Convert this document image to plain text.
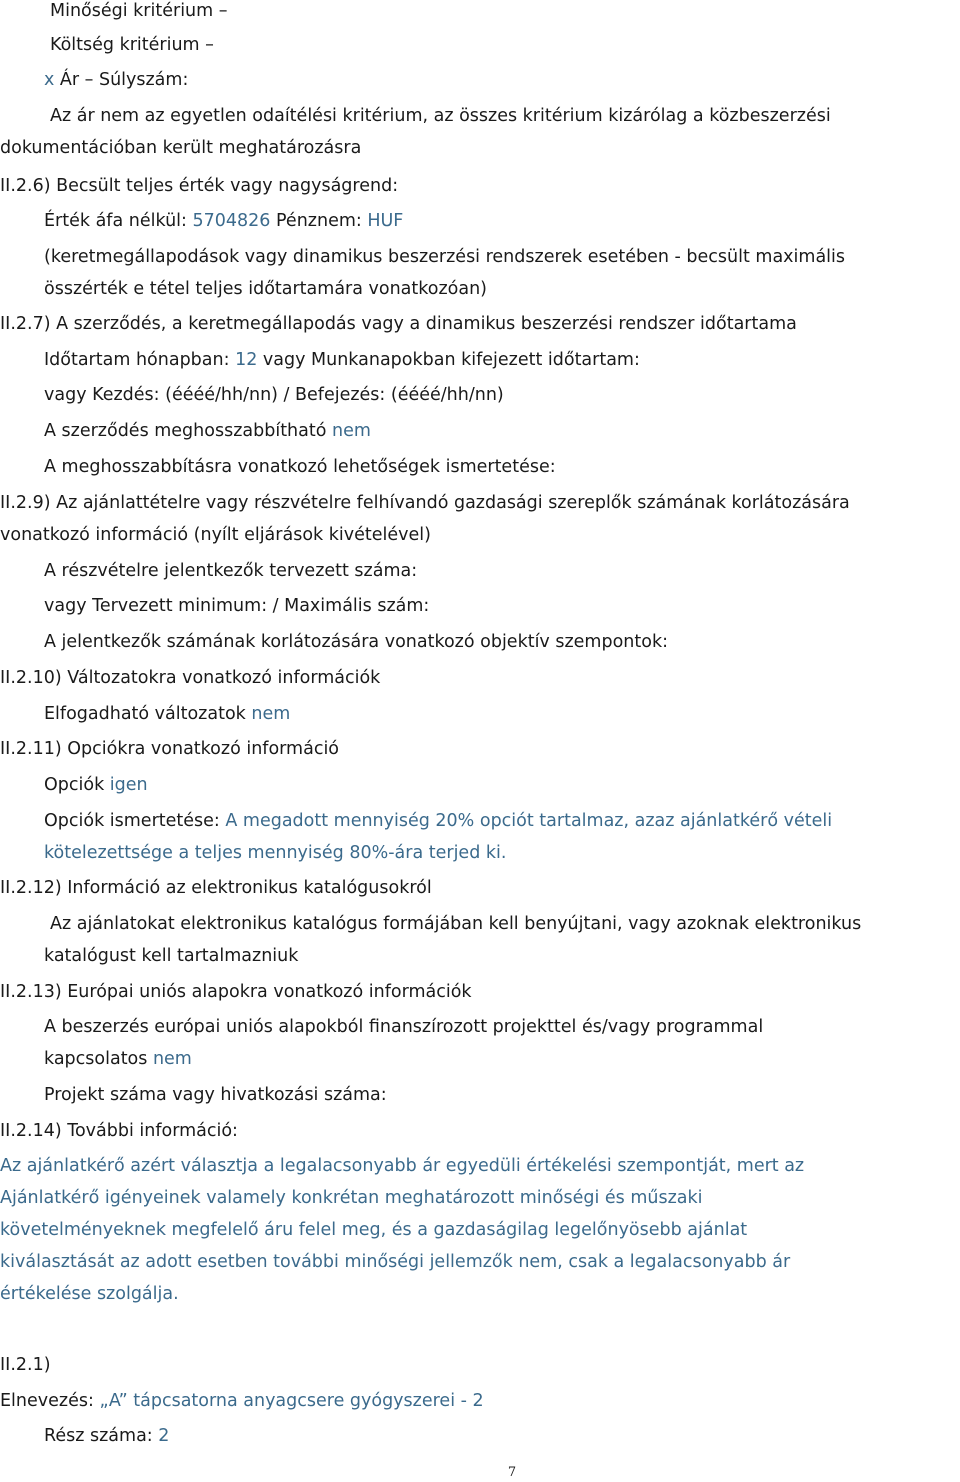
Minőségi kritérium –
Költség kritérium –
x Ár – Súlyszám:
Az ár nem az egyetlen odaítélési kritérium, az összes kritérium kizárólag a közbeszerzési
dokumentációban került meghatározásra
II.2.6) Becsült teljes érték vagy nagyságrend:
Érték áfa nélkül: 5704826 Pénznem: HUF
(keretmegállapodások vagy dinamikus beszerzési rendszerek esetében - becsült maximális
összérték e tétel teljes időtartamára vonatkozóan)
II.2.7) A szerződés, a keretmegállapodás vagy a dinamikus beszerzési rendszer időtartama
Időtartam hónapban: 12 vagy Munkanapokban kifejezett időtartam:
vagy Kezdés: (éééé/hh/nn) / Befejezés: (éééé/hh/nn)
A szerződés meghosszabbítható nem
A meghosszabbításra vonatkozó lehetőségek ismertetése:
II.2.9) Az ajánlattételre vagy részvételre felhívandó gazdasági szereplők számának korlátozására
vonatkozó információ (nyílt eljárások kivételével)
A részvételre jelentkezők tervezett száma:
vagy Tervezett minimum: / Maximális szám:
A jelentkezők számának korlátozására vonatkozó objektív szempontok:
II.2.10) Változatokra vonatkozó információk
Elfogadható változatok nem
II.2.11) Opciókra vonatkozó információ
Opciók igen
Opciók ismertetése: A megadott mennyiség 20% opciót tartalmaz, azaz ajánlatkérő vételi
kötelezettsége a teljes mennyiség 80%-ára terjed ki.
II.2.12) Információ az elektronikus katalógusokról
Az ajánlatokat elektronikus katalógus formájában kell benyújtani, vagy azoknak elektronikus
katalógust kell tartalmazniuk
II.2.13) Európai uniós alapokra vonatkozó információk
A beszerzés európai uniós alapokból finanszírozott projekttel és/vagy programmal
kapcsolatos nem
Projekt száma vagy hivatkozási száma:
II.2.14) További információ:
Az ajánlatkérő azért választja a legalacsonyabb ár egyedüli értékelési szempontját, mert az
Ajánlatkérő igényeinek valamely konkrétan meghatározott minőségi és műszaki
követelményeknek megfelelő áru felel meg, és a gazdaságilag legelőnyösebb ajánlat
kiválasztását az adott esetben további minőségi jellemzők nem, csak a legalacsonyabb ár
értékelése szolgálja.
II.2.1)
Elnevezés: „A” tápcsatorna anyagcsere gyógyszerei - 2
Rész száma: 2
7
